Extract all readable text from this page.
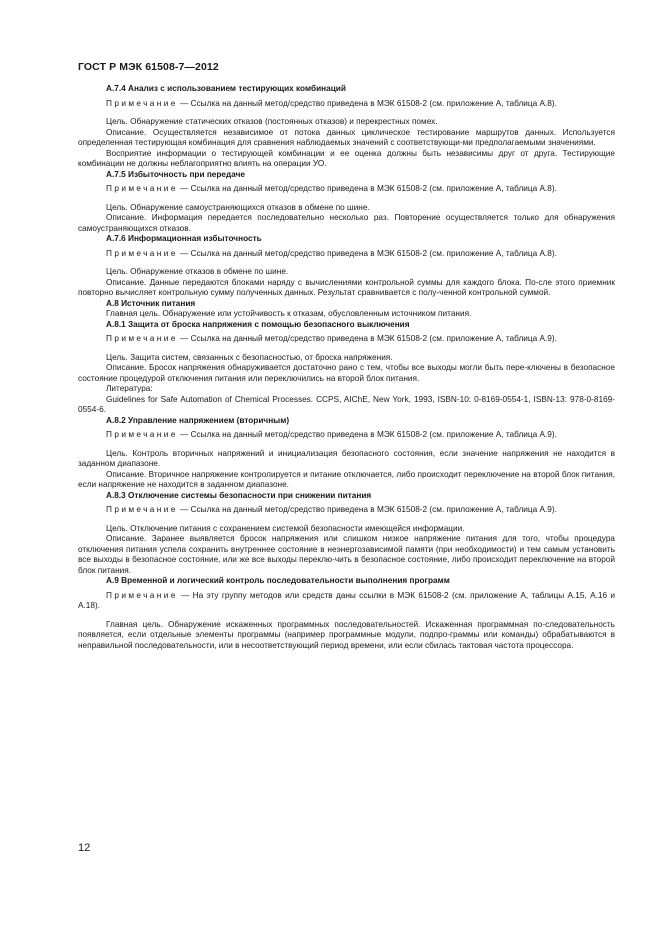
ГОСТ Р МЭК 61508-7—2012

А.7.4 Анализ с использованием тестирующих комбинаций

Примечание — Ссылка на данный метод/средство приведена в МЭК 61508-2 (см. приложение А, таблица А.8).

Цель. Обнаружение статических отказов (постоянных отказов) и перекрестных помех.

Описание. Осуществляется независимое от потока данных циклическое тестирование маршрутов данных. Используется определенная тестирующая комбинация для сравнения наблюдаемых значений с соответствующи-ми предполагаемыми значениями.

Восприятие информации о тестирующей комбинации и ее оценка должны быть независимы друг от друга. Тестирующие комбинации не должны неблагоприятно влиять на операции УО.

А.7.5 Избыточность при передаче

Примечание — Ссылка на данный метод/средство приведена в МЭК 61508-2 (см. приложение А, таблица А.8).

Цель. Обнаружение самоустраняющихся отказов в обмене по шине.

Описание. Информация передается последовательно несколько раз. Повторение осуществляется только для обнаружения самоустраняющихся отказов.

А.7.6 Информационная избыточность

Примечание — Ссылка на данный метод/средство приведена в МЭК 61508-2 (см. приложение А, таблица А.8).

Цель. Обнаружение отказов в обмене по шине.

Описание. Данные передаются блоками наряду с вычислениями контрольной суммы для каждого блока. По-сле этого приемник повторно вычисляет контрольную сумму полученных данных. Результат сравнивается с полу-ченной контрольной суммой.

А.8 Источник питания

Главная цель. Обнаружение или устойчивость к отказам, обусловленным источником питания.

А.8.1 Защита от броска напряжения с помощью безопасного выключения

Примечание — Ссылка на данный метод/средство приведена в МЭК 61508-2 (см. приложение А, таблица А.9).

Цель. Защита систем, связанных с безопасностью, от броска напряжения.

Описание. Бросок напряжения обнаруживается достаточно рано с тем, чтобы все выходы могли быть пере-ключены в безопасное состояние процедурой отключения питания или переключились на второй блок питания.

Литература:

Guidelines for Safe Automation of Chemical Processes. CCPS, AIChE, New York, 1993, ISBN-10: 0-8169-0554-1, ISBN-13: 978-0-8169-0554-6.

А.8.2 Управление напряжением (вторичным)

Примечание — Ссылка на данный метод/средство приведена в МЭК 61508-2 (см. приложение А, таблица А.9).

Цель. Контроль вторичных напряжений и инициализация безопасного состояния, если значение напряжения не находится в заданном диапазоне.

Описание. Вторичное напряжение контролируется и питание отключается, либо происходит переключение на второй блок питания, если напряжение не находится в заданном диапазоне.

А.8.3 Отключение системы безопасности при снижении питания

Примечание — Ссылка на данный метод/средство приведена в МЭК 61508-2 (см. приложение А, таблица А.9).

Цель. Отключение питания с сохранением системой безопасности имеющейся информации.

Описание. Заранее выявляется бросок напряжения или слишком низкое напряжение питания для того, чтобы процедура отключения питания успела сохранить внутреннее состояние в неэнергозависимой памяти (при необходимости) и тем самым установить все выходы в безопасное состояние, или же все выходы переклю-чить в безопасное состояние, либо происходит переключение на второй блок питания.

А.9 Временной и логический контроль последовательности выполнения программ

Примечание — На эту группу методов или средств даны ссылки в МЭК 61508-2 (см. приложение А, таблицы А.15, А.16 и А.18).

Главная цель. Обнаружение искаженных программных последовательностей. Искаженная программная по-следовательность появляется, если отдельные элементы программы (например программные модули, подпро-граммы или команды) обрабатываются в неправильной последовательности, или в несоответствующий период времени, или если сбилась тактовая частота процессора.

12
